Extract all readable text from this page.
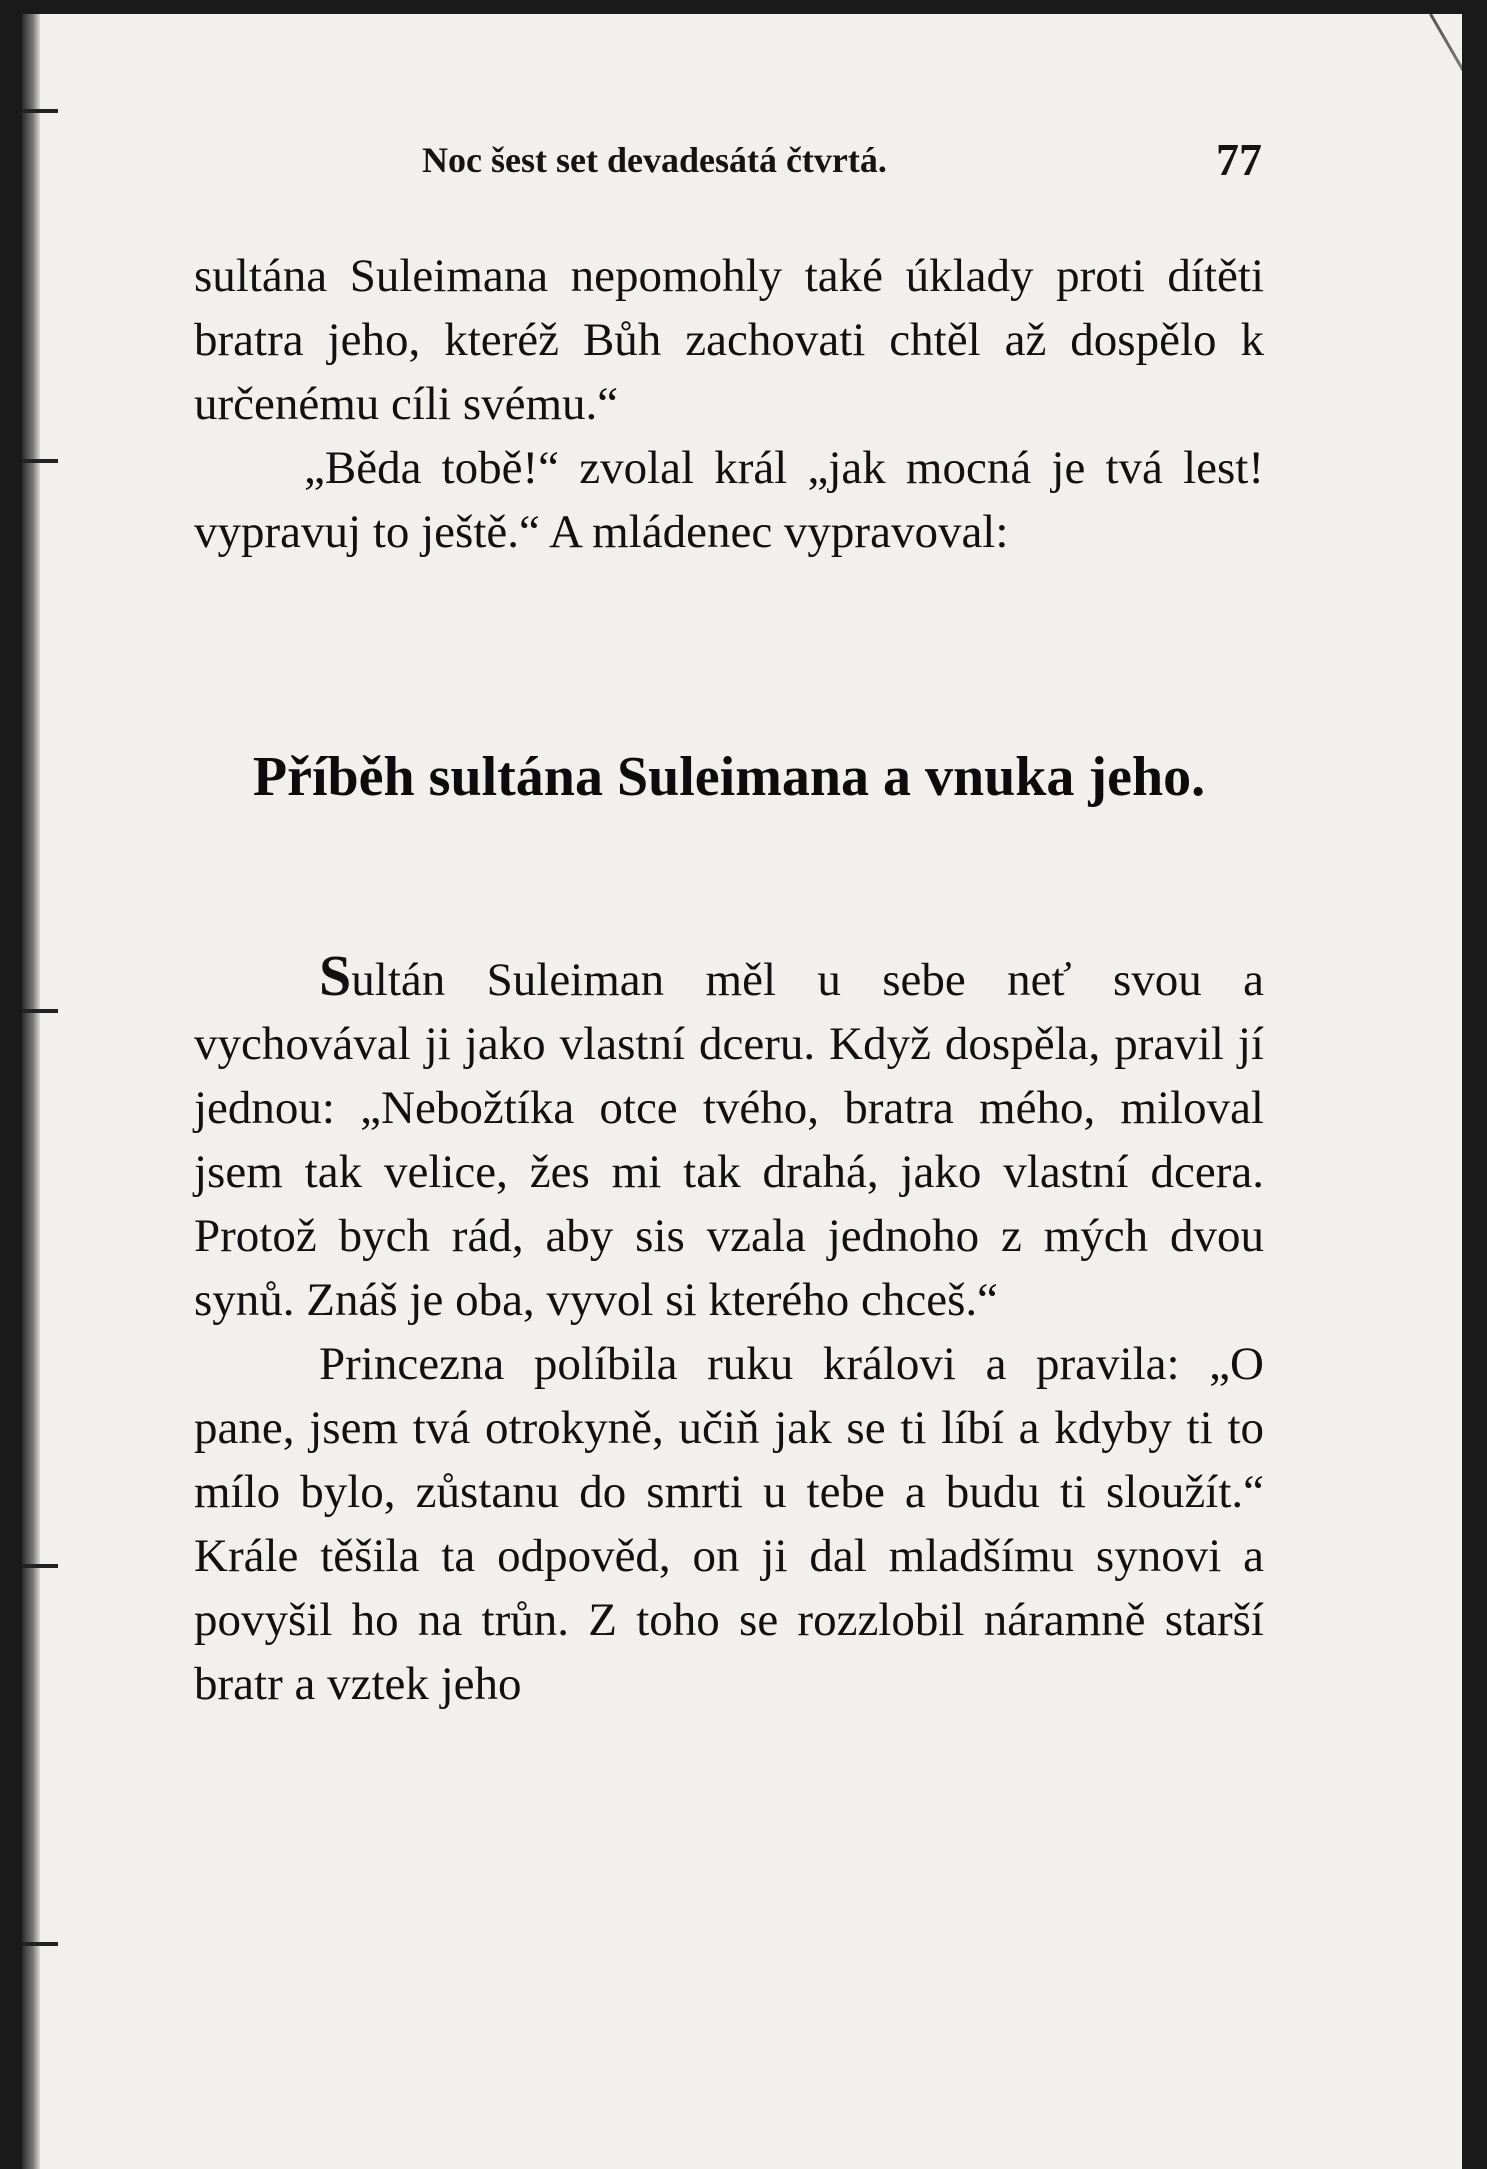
Noc šest set devadesátá čtvrtá.	77

sultána Suleimana nepomohly také úklady proti dítěti bratra jeho, kteréž Bůh zachovati chtěl až dospělo k určenému cíli svému.“

„Běda tobě!“ zvolal král „jak mocná je tvá lest! vypravuj to ještě.“ A mládenec vypravoval:

Příběh sultána Suleimana a vnuka jeho.

Sultán Suleiman měl u sebe neť svou a vychovával ji jako vlastní dceru. Když dospěla, pravil jí jednou: „Nebožtíka otce tvého, bratra mého, miloval jsem tak velice, žes mi tak drahá, jako vlastní dcera. Protož bych rád, aby sis vzala jednoho z mých dvou synů. Znáš je oba, vyvol si kterého chceš.“

Princezna políbila ruku královi a pravila: „O pane, jsem tvá otrokyně, učiň jak se ti líbí a kdyby ti to mílo bylo, zůstanu do smrti u tebe a budu ti sloužít.“ Krále těšila ta odpověd, on ji dal mladšímu synovi a povyšil ho na trůn. Z toho se rozzlobil náramně starší bratr a vztek jeho
